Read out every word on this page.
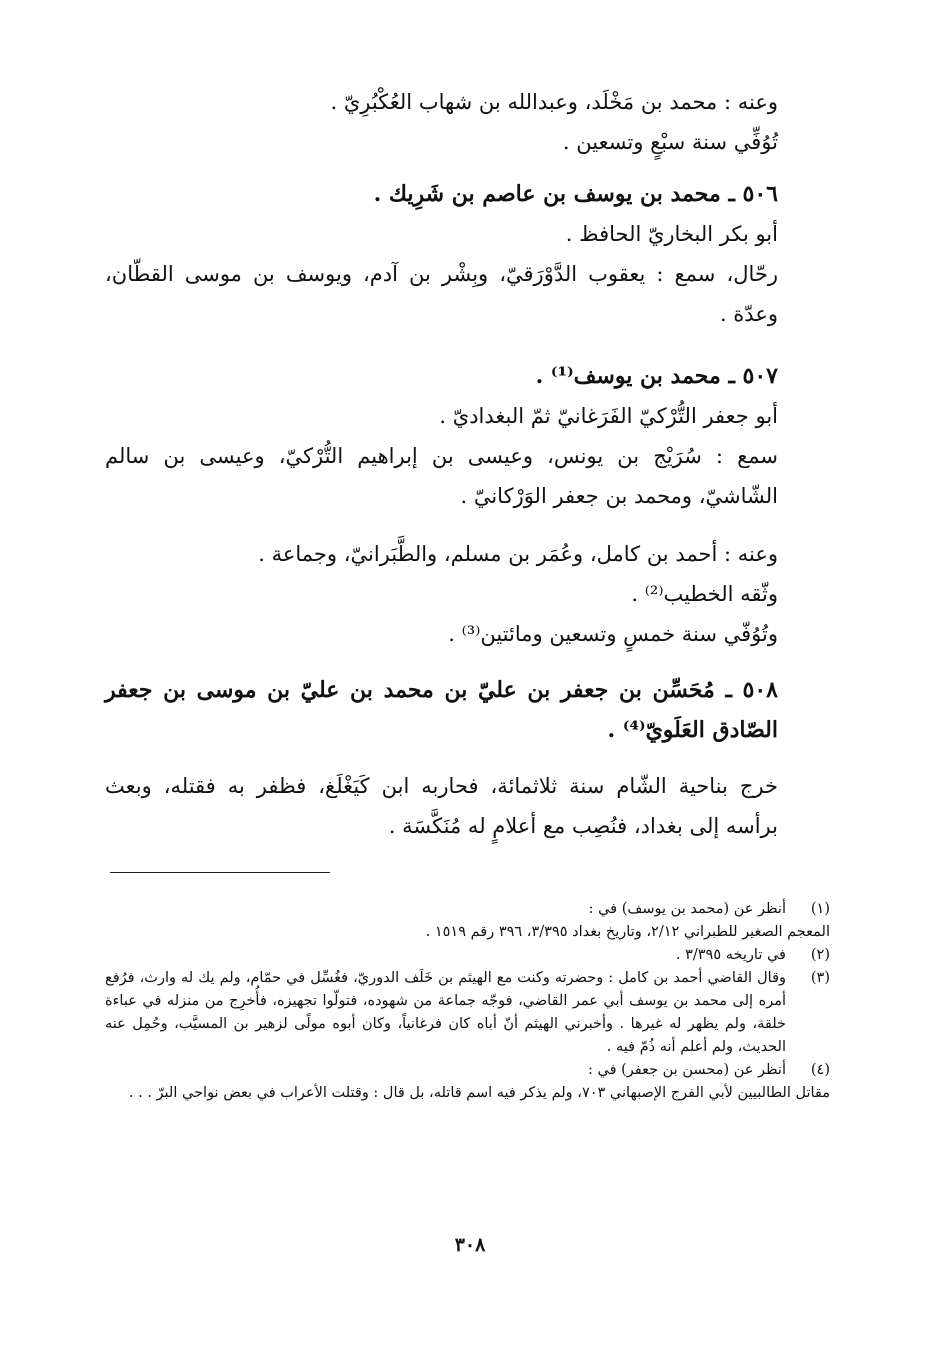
وعنه : محمد بن مَخْلَد، وعبدالله بن شهاب العُكْبُرِيّ .

تُوُفِّي سنة سبْعٍ وتسعين .

٥٠٦ ـ محمد بن يوسف بن عاصم بن شَرِيك .

أبو بكر البخاريّ الحافظ .

رحّال، سمع : يعقوب الدَّوْرَقيّ، وبِشْر بن آدم، ويوسف بن موسى القطّان، وعدّة .

٥٠٧ ـ محمد بن يوسف⁽¹⁾ .

أبو جعفر التُّرْكيّ الفَرَغانيّ ثمّ البغداديّ .

سمع : سُرَيْج بن يونس، وعيسى بن إبراهيم التُّرْكيّ، وعيسى بن سالم الشّاشيّ، ومحمد بن جعفر الوَرْكانيّ .

وعنه : أحمد بن كامل، وعُمَر بن مسلم، والطَّبَرانيّ، وجماعة .

وثّقه الخطيب⁽²⁾ .

وتُوُفّي سنة خمسٍ وتسعين ومائتين⁽³⁾ .

٥٠٨ ـ مُحَسِّن بن جعفر بن عليّ بن محمد بن عليّ بن موسى بن جعفر الصّادق العَلَويّ⁽⁴⁾ .

خرج بناحية الشّام سنة ثلاثمائة، فحاربه ابن كَيَغْلَغ، فظفر به فقتله، وبعث برأسه إلى بغداد، فنُصِب مع أعلامٍ له مُنَكَّسَة .

(١)
أنظر عن (محمد بن يوسف) في :
المعجم الصغير للطبراني ٢/١٢، وتاريخ بغداد ٣/٣٩٥، ٣٩٦ رقم ١٥١٩ .
(٢)
في تاريخه ٣/٣٩٥ .
(٣)
وقال القاضي أحمد بن كامل : وحضرته وكنت مع الهيثم بن خَلَف الدوريّ، فغُسِّل في حمّام، ولم يك له وارث، فرُفع أمره إلى محمد بن يوسف أبي عمر القاضي، فوجّه جماعة من شهوده، فتولّوا تجهيزه، فأُخرِج من منزله في عباءة خلقة، ولم يظهر له غيرها . وأخبرني الهيثم أنّ أباه كان فرغانياً، وكان أبوه مولًى لزهير بن المسيَّب، وحُمِل عنه الحديث، ولم أعلم أنه ذُمّ فيه .
(٤)
أنظر عن (محسن بن جعفر) في :
مقاتل الطالبيين لأبي الفرج الإصبهاني ٧٠٣، ولم يذكر فيه اسم قاتله، بل قال : وقتلت الأعراب في بعض نواحي البرّ . . .
٣٠٨
